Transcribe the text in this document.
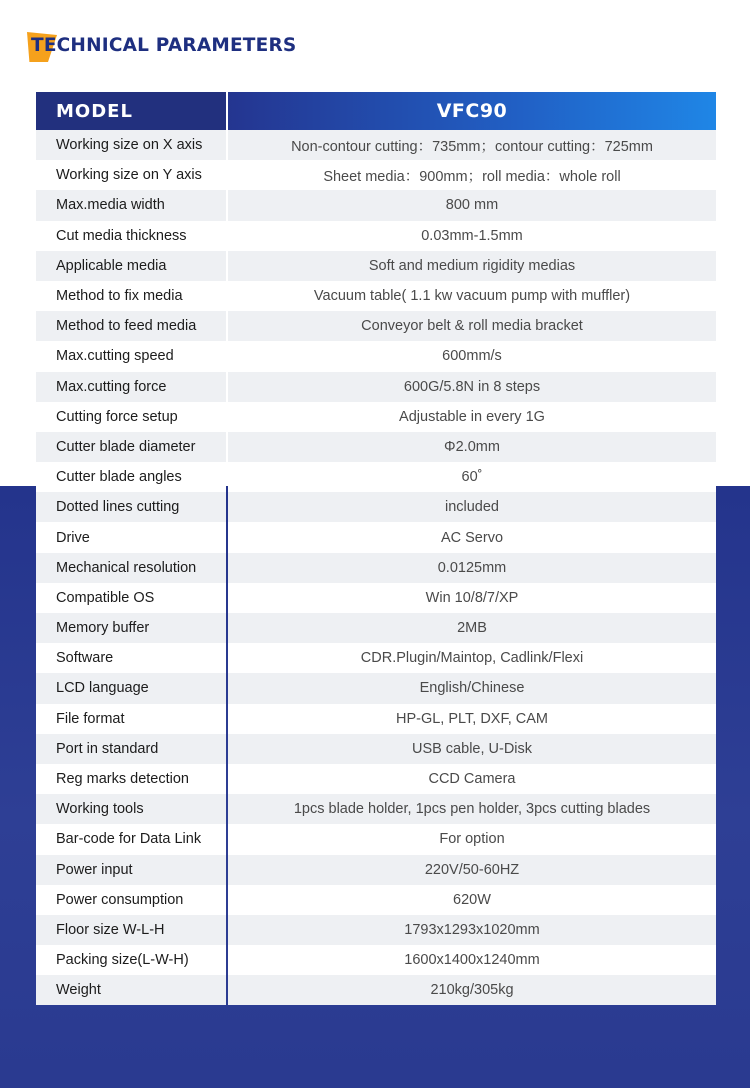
TECHNICAL PARAMETERS
MODEL	VFC90
Working size on X axis	Non-contour cutting：735mm；contour cutting：725mm
Working size on Y axis	Sheet media：900mm；roll media：whole roll
Max.media width	800 mm
Cut media thickness	0.03mm-1.5mm
Applicable media	Soft and medium rigidity medias
Method to fix media	Vacuum table( 1.1 kw vacuum pump with muffler)
Method to feed media	Conveyor belt & roll media bracket
Max.cutting speed	600mm/s
Max.cutting force	600G/5.8N in 8 steps
Cutting force setup	Adjustable in every 1G
Cutter blade diameter	Φ2.0mm
Cutter blade angles	60˚
Dotted lines cutting	included
Drive	AC Servo
Mechanical resolution	0.0125mm
Compatible OS	Win 10/8/7/XP
Memory buffer	2MB
Software	CDR.Plugin/Maintop, Cadlink/Flexi
LCD language	English/Chinese
File format	HP-GL, PLT, DXF, CAM
Port in standard	USB cable, U-Disk
Reg marks detection	CCD Camera
Working tools	1pcs blade holder, 1pcs pen holder, 3pcs cutting blades
Bar-code for Data Link	For option
Power input	220V/50-60HZ
Power consumption	620W
Floor size W-L-H	1793x1293x1020mm
Packing size(L-W-H)	1600x1400x1240mm
Weight	210kg/305kg
